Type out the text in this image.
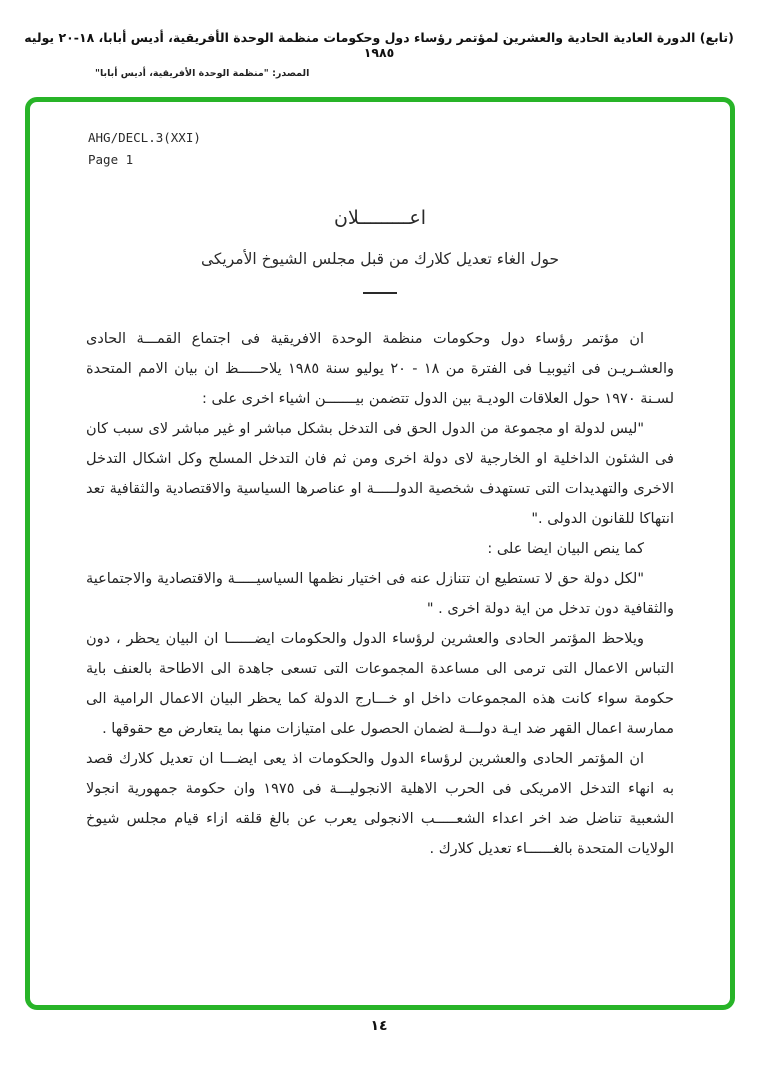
(تابع) الدورة العادية الحادية والعشرين لمؤتمر رؤساء دول وحكومات منظمة الوحدة الأفريقية، أديس أبابا، ١٨-٢٠ يوليه ١٩٨٥
المصدر: "منظمة الوحدة الأفريقية، أديس أبابا"
AHG/DECL.3(XXI)
Page 1
اعـــــــــلان
حول الغاء تعديل كلارك من قبل مجلس الشيوخ الأمريكى

ان مؤتمر رؤساء دول وحكومات منظمة الوحدة الافريقية فى اجتماع القمـــة الحادى والعشـريـن فى اثيوبيـا فى الفترة من ١٨ - ٢٠ يوليو سنة ١٩٨٥ يلاحـــــظ ان بيان الامم المتحدة لسـنة ١٩٧٠ حول العلاقات الوديـة بين الدول تتضمن بيـــــــن اشياء اخرى على :

"ليس لدولة او مجموعة من الدول الحق فى التدخل بشكل مباشر او غير مباشر لاى سبب كان فى الشئون الداخلية او الخارجية لاى دولة اخرى ومن ثم فان التدخل المسلح وكل اشكال التدخل الاخرى والتهديدات التى تستهدف شخصية الدولـــــة او عناصرها السياسية والاقتصادية والثقافية تعد انتهاكا للقانون الدولى ."

كما ينص البيان ايضا على :

"لكل دولة حق لا تستطيع ان تتنازل عنه فى اختيار نظمها السياسيـــــة والاقتصادية والاجتماعية والثقافية دون تدخل من اية دولة اخرى . "

ويلاحظ المؤتمر الحادى والعشرين لرؤساء الدول والحكومات ايضــــــا ان البيان يحظر ، دون التباس الاعمال التى ترمى الى مساعدة المجموعات التى تسعى جاهدة الى الاطاحة بالعنف باية حكومة سواء كانت هذه المجموعات داخل او خـــارج الدولة كما يحظر البيان الاعمال الرامية الى ممارسة اعمال القهر ضد ايـة دولـــة لضمان الحصول على امتيازات منها بما يتعارض مع حقوقها .

ان المؤتمر الحادى والعشرين لرؤساء الدول والحكومات اذ يعى ايضـــا ان تعديل كلارك قصد به انهاء التدخل الامريكى فى الحرب الاهلية الانجوليـــة فى ١٩٧٥ وان حكومة جمهورية انجولا الشعبية تناضل ضد اخر اعداء الشعـــــب الانجولى يعرب عن بالغ قلقه ازاء قيام مجلس شيوخ الولايات المتحدة بالغــــــاء تعديل كلارك .

١٤
